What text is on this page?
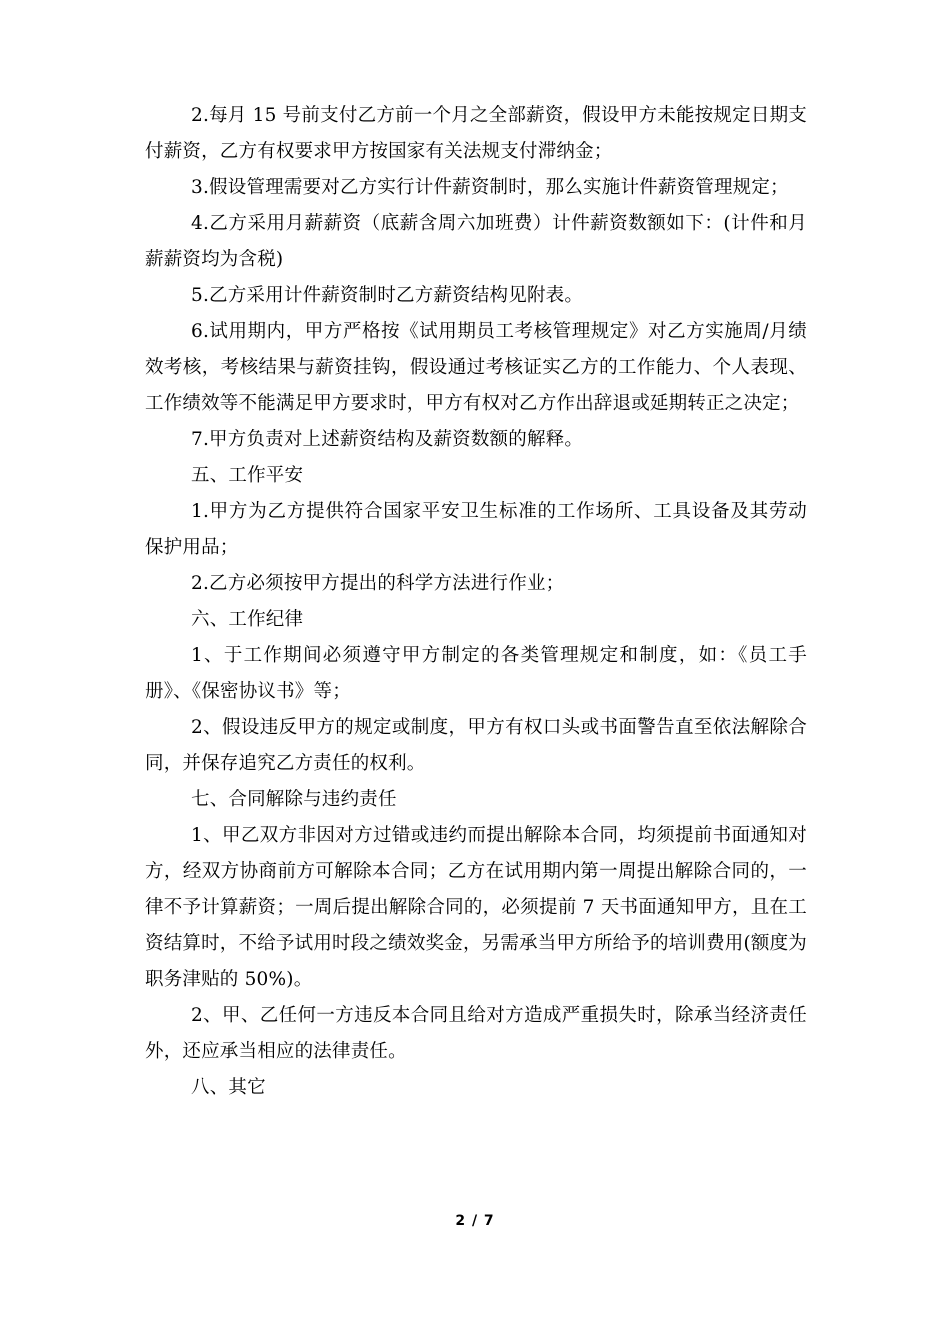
2.每月 15 号前支付乙方前一个月之全部薪资，假设甲方未能按规定日期支付薪资，乙方有权要求甲方按国家有关法规支付滞纳金；

3.假设管理需要对乙方实行计件薪资制时，那么实施计件薪资管理规定；

4.乙方采用月薪薪资（底薪含周六加班费）计件薪资数额如下：(计件和月薪薪资均为含税)

5.乙方采用计件薪资制时乙方薪资结构见附表。

6.试用期内，甲方严格按《试用期员工考核管理规定》对乙方实施周/月绩效考核，考核结果与薪资挂钩，假设通过考核证实乙方的工作能力、个人表现、工作绩效等不能满足甲方要求时，甲方有权对乙方作出辞退或延期转正之决定；

7.甲方负责对上述薪资结构及薪资数额的解释。

五、工作平安

1.甲方为乙方提供符合国家平安卫生标准的工作场所、工具设备及其劳动保护用品；

2.乙方必须按甲方提出的科学方法进行作业；

六、工作纪律

1、于工作期间必须遵守甲方制定的各类管理规定和制度，如：《员工手册》、《保密协议书》等；

2、假设违反甲方的规定或制度，甲方有权口头或书面警告直至依法解除合同，并保存追究乙方责任的权利。

七、合同解除与违约责任

1、甲乙双方非因对方过错或违约而提出解除本合同，均须提前书面通知对方，经双方协商前方可解除本合同；乙方在试用期内第一周提出解除合同的，一律不予计算薪资；一周后提出解除合同的，必须提前 7 天书面通知甲方，且在工资结算时，不给予试用时段之绩效奖金，另需承当甲方所给予的培训费用(额度为职务津贴的 50%)。

2、甲、乙任何一方违反本合同且给对方造成严重损失时，除承当经济责任外，还应承当相应的法律责任。

八、其它

2 / 7
